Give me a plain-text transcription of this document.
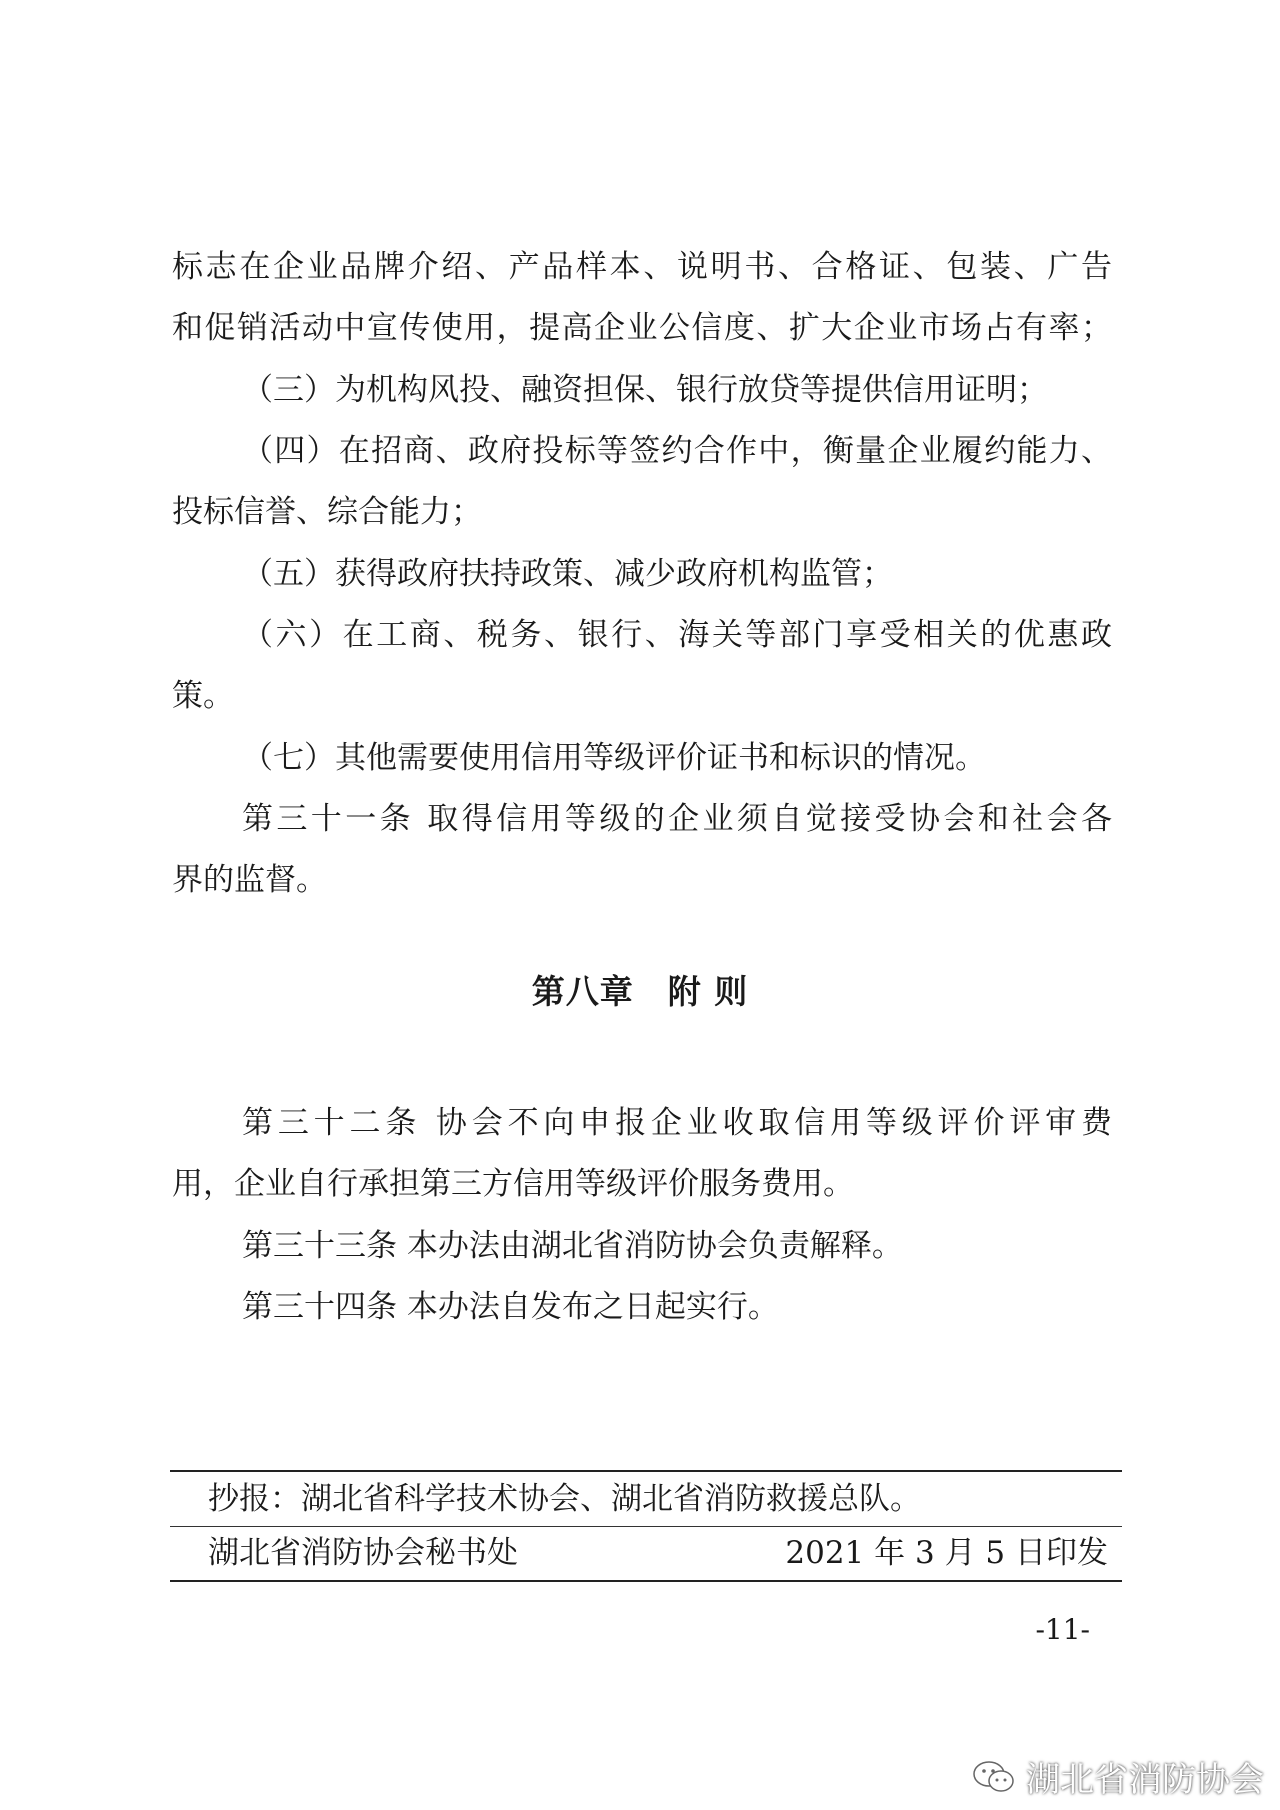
标志在企业品牌介绍、产品样本、说明书、合格证、包装、广告
和促销活动中宣传使用，提高企业公信度、扩大企业市场占有率；
（三）为机构风投、融资担保、银行放贷等提供信用证明；
（四）在招商、政府投标等签约合作中，衡量企业履约能力、
投标信誉、综合能力；
（五）获得政府扶持政策、减少政府机构监管；
（六）在工商、税务、银行、海关等部门享受相关的优惠政
策。
（七）其他需要使用信用等级评价证书和标识的情况。
第三十一条 取得信用等级的企业须自觉接受协会和社会各
界的监督。
第八章　附 则
第三十二条 协会不向申报企业收取信用等级评价评审费
用，企业自行承担第三方信用等级评价服务费用。
第三十三条 本办法由湖北省消防协会负责解释。
第三十四条 本办法自发布之日起实行。
抄报：湖北省科学技术协会、湖北省消防救援总队。
湖北省消防协会秘书处	2021 年 3 月 5 日印发
-11-
湖北省消防协会
